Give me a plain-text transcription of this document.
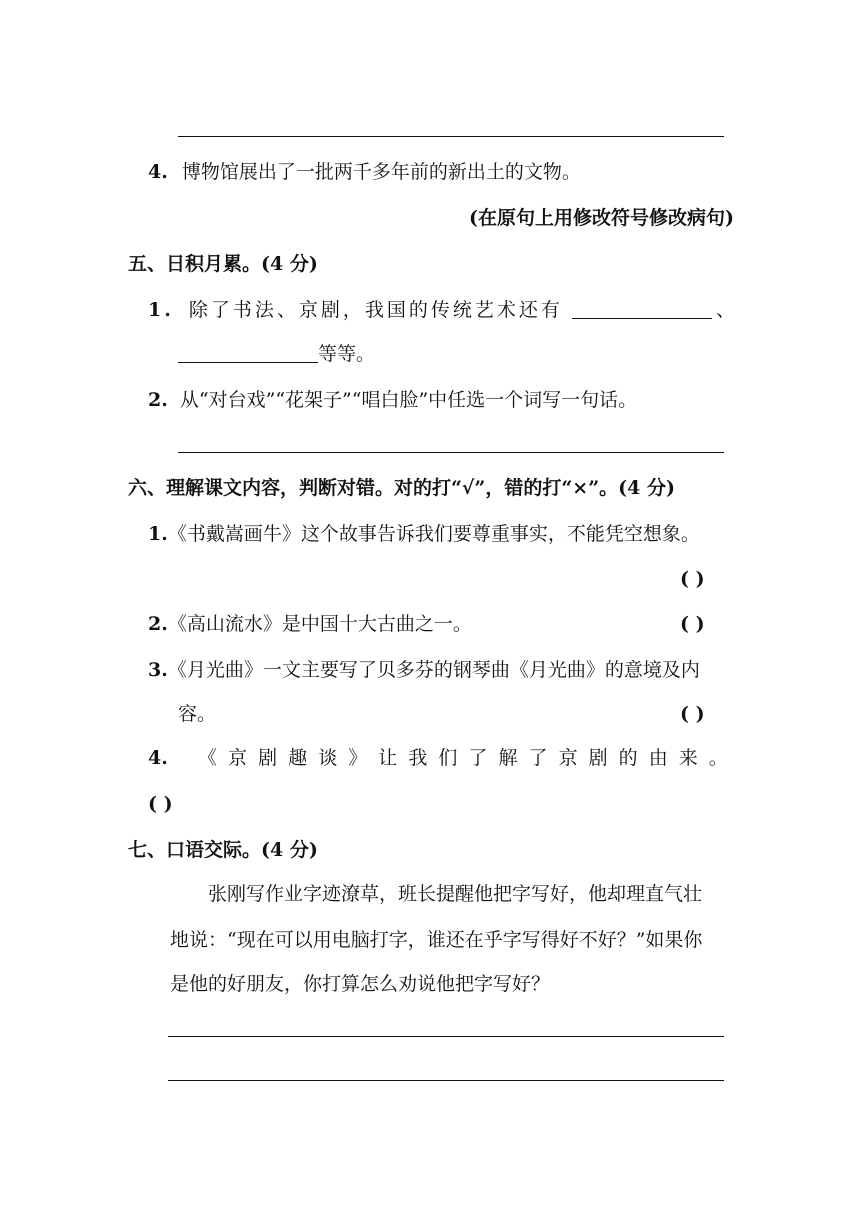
4. 博物馆展出了一批两千多年前的新出土的文物。
(在原句上用修改符号修改病句)
五、日积月累。(4 分)
1. 除了书法、京剧，我国的传统艺术还有	、
等等。
2. 从“对台戏”“花架子”“唱白脸”中任选一个词写一句话。
六、理解课文内容，判断对错。对的打“√”，错的打“×”。(4 分)
1.《书戴嵩画牛》这个故事告诉我们要尊重事实，不能凭空想象。
( )
2.《高山流水》是中国十大古曲之一。	( )
3.《月光曲》一文主要写了贝多芬的钢琴曲《月光曲》的意境及内
容。	( )
4. 《 京 剧 趣 谈 》 让 我 们 了 解 了 京 剧 的 由 来 。
( )
七、口语交际。(4 分)
张刚写作业字迹潦草，班长提醒他把字写好，他却理直气壮
地说：“现在可以用电脑打字，谁还在乎字写得好不好？”如果你
是他的好朋友，你打算怎么劝说他把字写好？
